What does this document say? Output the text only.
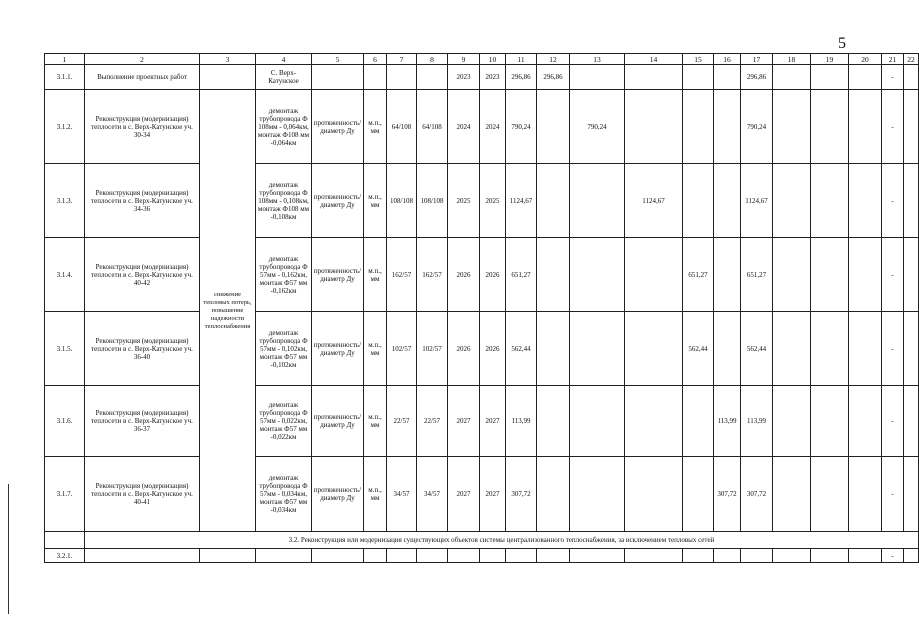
5
1	2	3	4	5	6	7	8	9	10	11	12	13	14	15	16	17	18	19	20	21	22
3.1.1.	Выполнение проектных работ		С. Верх-Катунское					2023	2023	296,86	296,86					296,86				-	
3.1.2.	Реконструкция (модернизация) теплосети в с. Верх-Катунское уч. 30-34	снижение тепловых потерь, повышение надежности теплоснабжения	демонтаж трубопровода Ф 108мм - 0,064км, монтаж Ф108 мм -0,064км	протяженность/ диаметр Ду	м.п., мм	64/108	64/108	2024	2024	790,24		790,24				790,24				-	
3.1.3.	Реконструкция (модернизация) теплосети в с. Верх-Катунское уч. 34-36		демонтаж трубопровода Ф 108мм - 0,108км, монтаж Ф108 мм -0,108км	протяженность/ диаметр Ду	м.п., мм	108/108	108/108	2025	2025	1124,67			1124,67			1124,67				-	
3.1.4.	Реконструкция (модернизация) теплосети в с. Верх-Катунское уч. 40-42		демонтаж трубопровода Ф 57мм - 0,162км, монтаж Ф57 мм -0,162км	протяженность/ диаметр Ду	м.п., мм	162/57	162/57	2026	2026	651,27				651,27		651,27				-	
3.1.5.	Реконструкция (модернизация) теплосети в с. Верх-Катунское уч. 36-40		демонтаж трубопровода Ф 57мм - 0,102км, монтаж Ф57 мм -0,102км	протяженность/ диаметр Ду	м.п., мм	102/57	102/57	2026	2026	562,44				562,44		562,44				-	
3.1.6.	Реконструкция (модернизация) теплосети в с. Верх-Катунское уч. 36-37		демонтаж трубопровода Ф 57мм - 0,022км, монтаж Ф57 мм -0,022км	протяженность/ диаметр Ду	м.п., мм	22/57	22/57	2027	2027	113,99					113,99	113,99				-	
3.1.7.	Реконструкция (модернизация) теплосети в с. Верх-Катунское уч. 40-41		демонтаж трубопровода Ф 57мм - 0,034км, монтаж Ф57 мм -0,034км	протяженность/ диаметр Ду	м.п., мм	34/57	34/57	2027	2027	307,72					307,72	307,72				-	
	3.2. Реконструкция или модернизация существующих объектов системы централизованного теплоснабжения, за исключением тепловых сетей																				
3.2.1.																				-	
